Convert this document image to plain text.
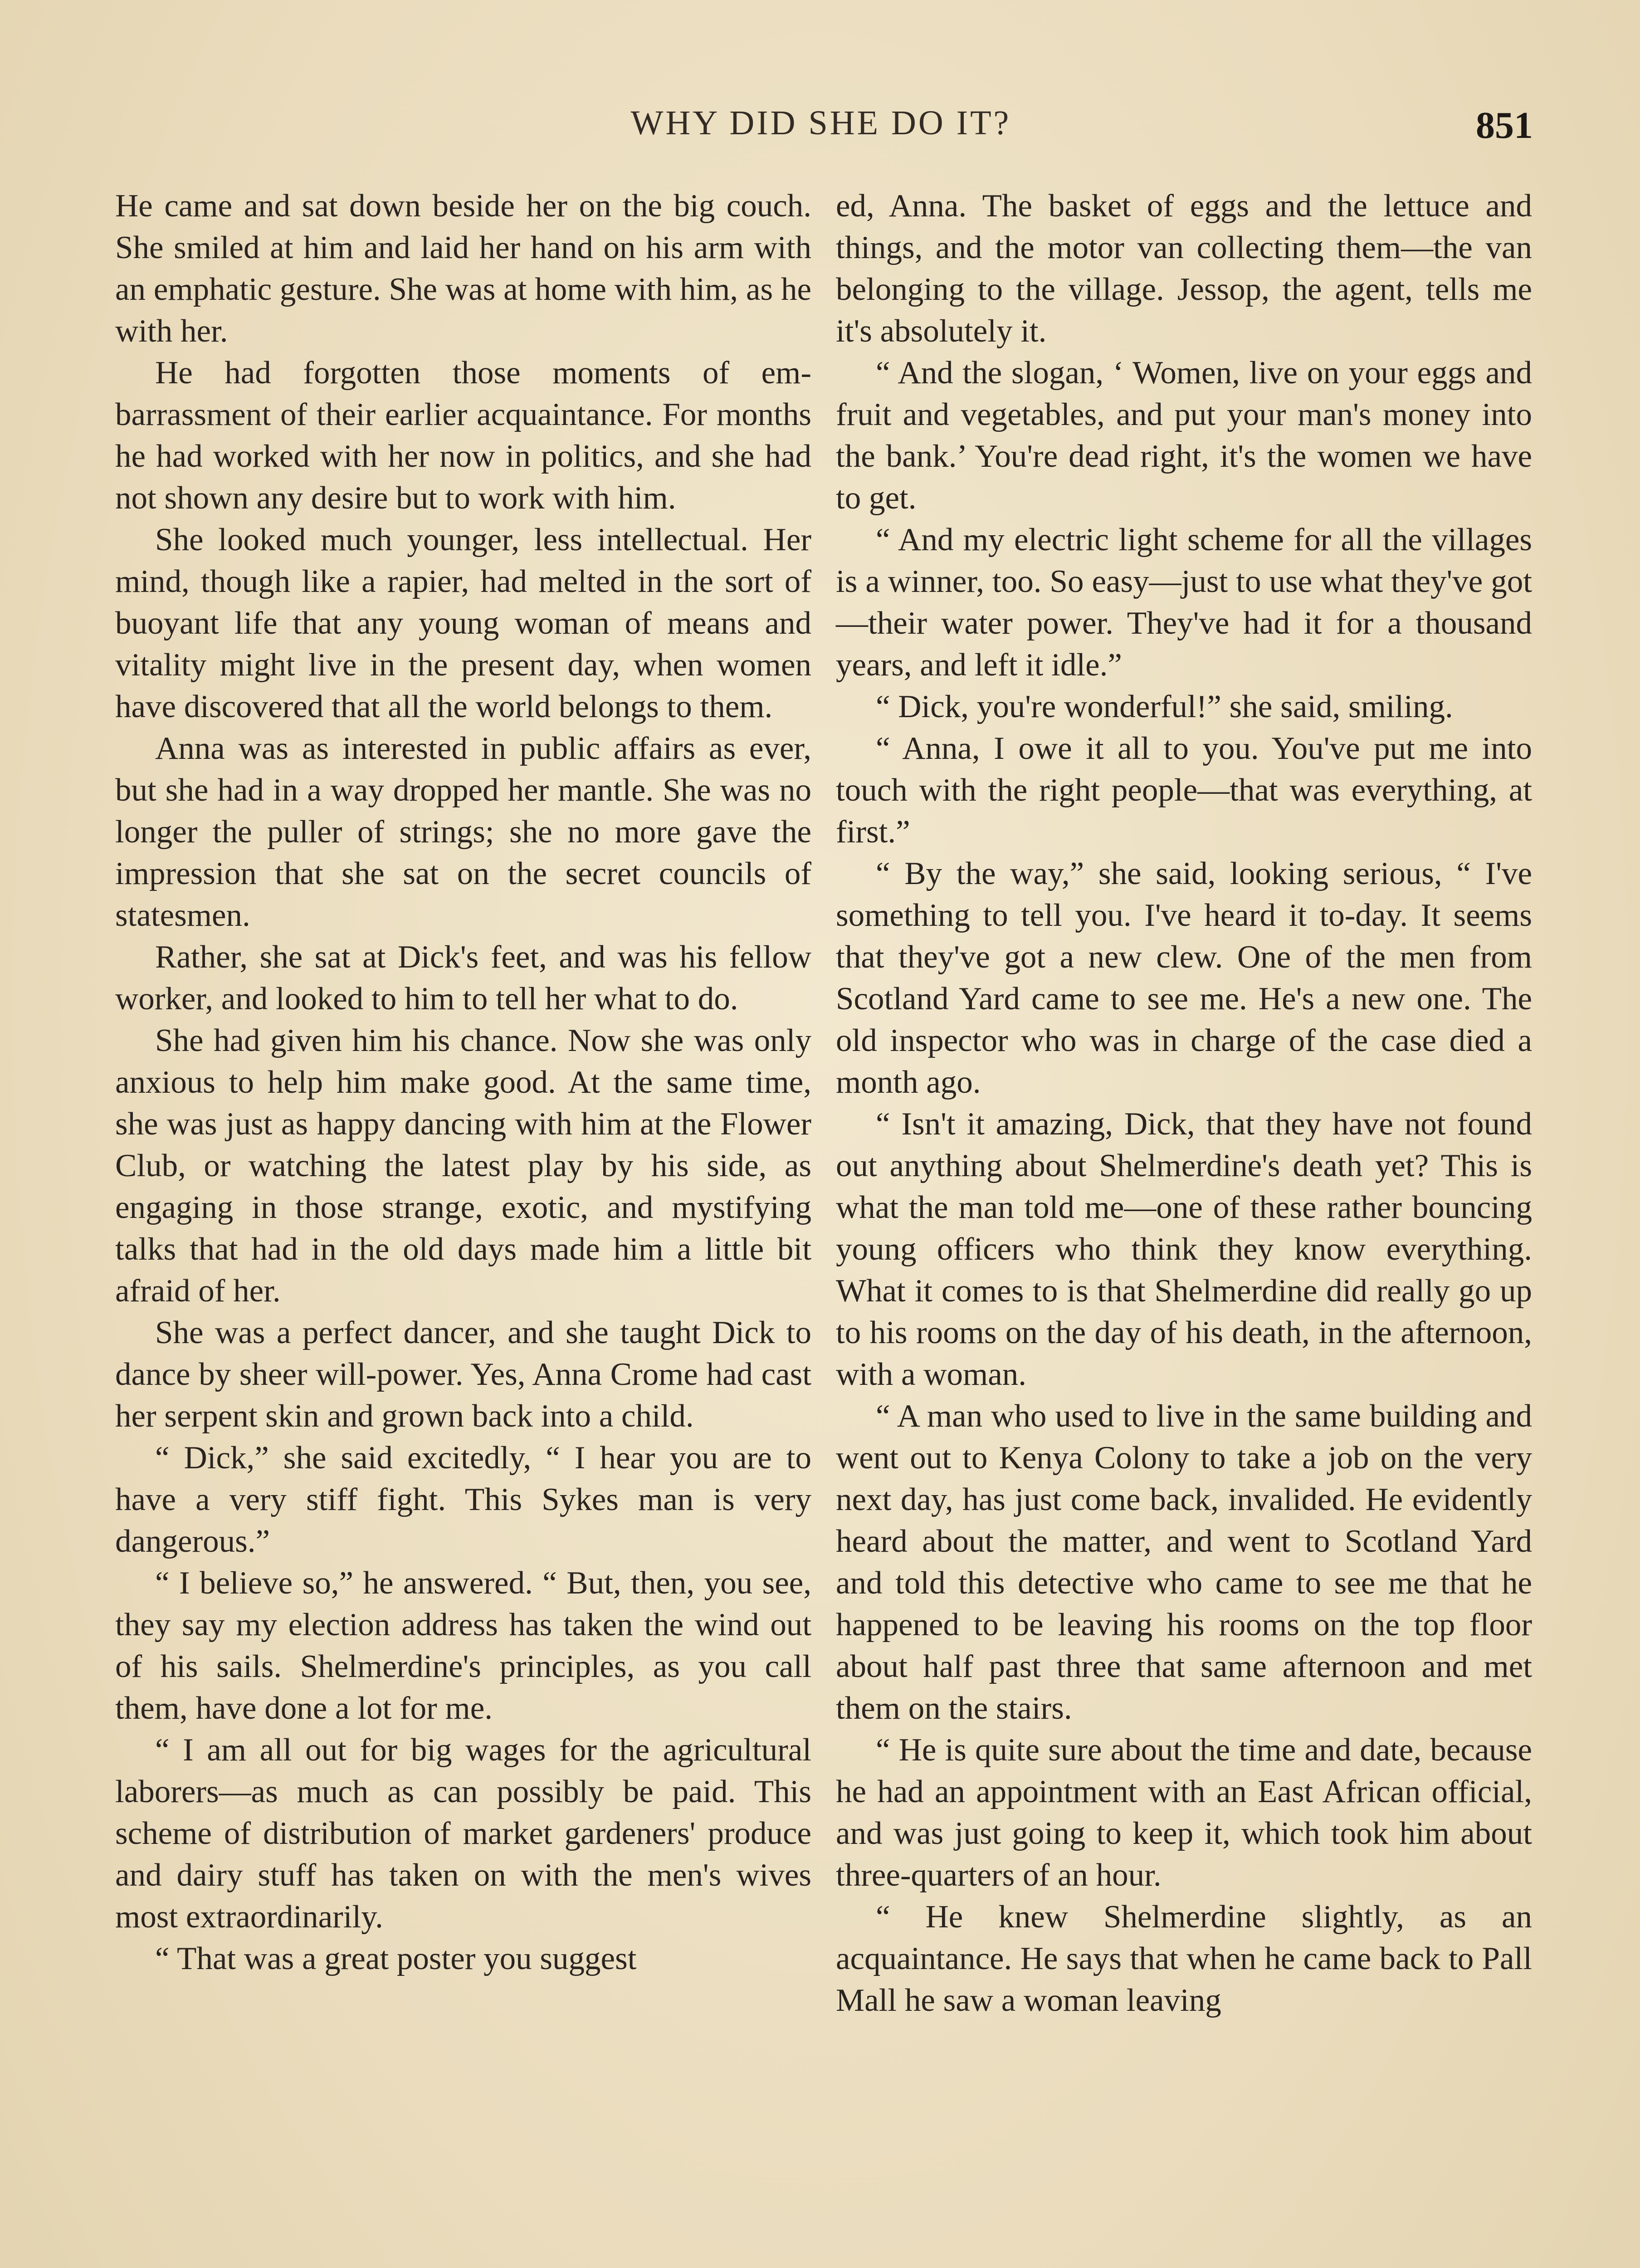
WHY DID SHE DO IT?	851

He came and sat down beside her on the big couch. She smiled at him and laid her hand on his arm with an emphatic gesture. She was at home with him, as he with her.

He had forgotten those moments of embarrassment of their earlier acquaintance. For months he had worked with her now in politics, and she had not shown any desire but to work with him.

She looked much younger, less intellectual. Her mind, though like a rapier, had melted in the sort of buoyant life that any young woman of means and vitality might live in the present day, when women have discovered that all the world belongs to them.

Anna was as interested in public affairs as ever, but she had in a way dropped her mantle. She was no longer the puller of strings; she no more gave the impression that she sat on the secret councils of statesmen.

Rather, she sat at Dick's feet, and was his fellow worker, and looked to him to tell her what to do.

She had given him his chance. Now she was only anxious to help him make good. At the same time, she was just as happy dancing with him at the Flower Club, or watching the latest play by his side, as engaging in those strange, exotic, and mystifying talks that had in the old days made him a little bit afraid of her.

She was a perfect dancer, and she taught Dick to dance by sheer will-power. Yes, Anna Crome had cast her serpent skin and grown back into a child.

“ Dick,” she said excitedly, “ I hear you are to have a very stiff fight. This Sykes man is very dangerous.”

“ I believe so,” he answered. “ But, then, you see, they say my election address has taken the wind out of his sails. Shelmerdine's principles, as you call them, have done a lot for me.

“ I am all out for big wages for the agricultural laborers—as much as can possibly be paid. This scheme of distribution of market gardeners' produce and dairy stuff has taken on with the men's wives most extraordinarily.

“ That was a great poster you suggest

ed, Anna. The basket of eggs and the lettuce and things, and the motor van collecting them—the van belonging to the village. Jessop, the agent, tells me it's absolutely it.

“ And the slogan, ‘ Women, live on your eggs and fruit and vegetables, and put your man's money into the bank.’ You're dead right, it's the women we have to get.

“ And my electric light scheme for all the villages is a winner, too. So easy—just to use what they've got—their water power. They've had it for a thousand years, and left it idle.”

“ Dick, you're wonderful!” she said, smiling.

“ Anna, I owe it all to you. You've put me into touch with the right people—that was everything, at first.”

“ By the way,” she said, looking serious, “ I've something to tell you. I've heard it to-day. It seems that they've got a new clew. One of the men from Scotland Yard came to see me. He's a new one. The old inspector who was in charge of the case died a month ago.

“ Isn't it amazing, Dick, that they have not found out anything about Shelmerdine's death yet? This is what the man told me—one of these rather bouncing young officers who think they know everything. What it comes to is that Shelmerdine did really go up to his rooms on the day of his death, in the afternoon, with a woman.

“ A man who used to live in the same building and went out to Kenya Colony to take a job on the very next day, has just come back, invalided. He evidently heard about the matter, and went to Scotland Yard and told this detective who came to see me that he happened to be leaving his rooms on the top floor about half past three that same afternoon and met them on the stairs.

“ He is quite sure about the time and date, because he had an appointment with an East African official, and was just going to keep it, which took him about three-quarters of an hour.

“ He knew Shelmerdine slightly, as an acquaintance. He says that when he came back to Pall Mall he saw a woman leaving
